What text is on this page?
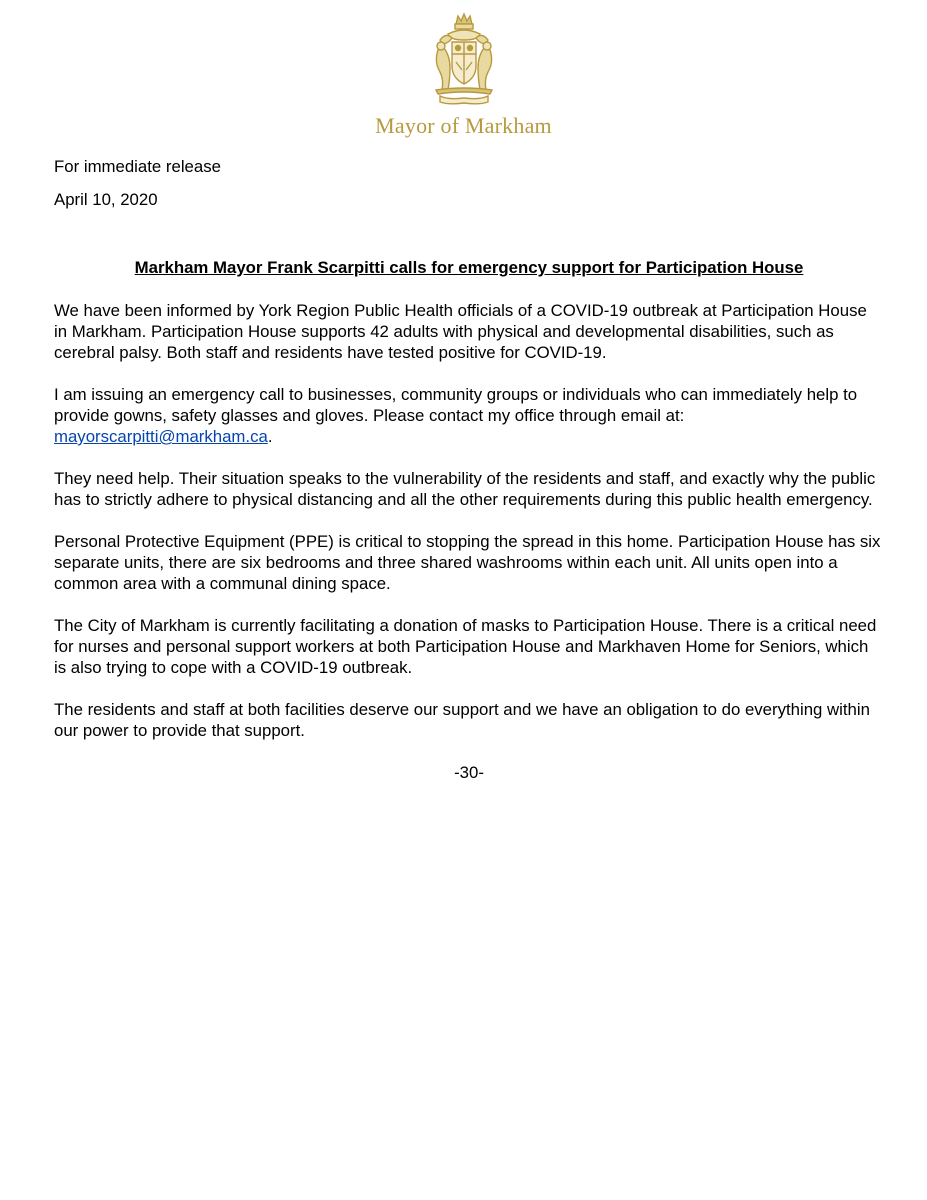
Mayor of Markham

For immediate release

April 10, 2020

Markham Mayor Frank Scarpitti calls for emergency support for Participation House

We have been informed by York Region Public Health officials of a COVID-19 outbreak at Participation House in Markham. Participation House supports 42 adults with physical and developmental disabilities, such as cerebral palsy. Both staff and residents have tested positive for COVID-19.

I am issuing an emergency call to businesses, community groups or individuals who can immediately help to provide gowns, safety glasses and gloves. Please contact my office through email at:
mayorscarpitti@markham.ca.

They need help. Their situation speaks to the vulnerability of the residents and staff, and exactly why the public has to strictly adhere to physical distancing and all the other requirements during this public health emergency.

Personal Protective Equipment (PPE) is critical to stopping the spread in this home. Participation House has six separate units, there are six bedrooms and three shared washrooms within each unit. All units open into a common area with a communal dining space.

The City of Markham is currently facilitating a donation of masks to Participation House. There is a critical need for nurses and personal support workers at both Participation House and Markhaven Home for Seniors, which is also trying to cope with a COVID-19 outbreak.

The residents and staff at both facilities deserve our support and we have an obligation to do everything within our power to provide that support.

-30-
